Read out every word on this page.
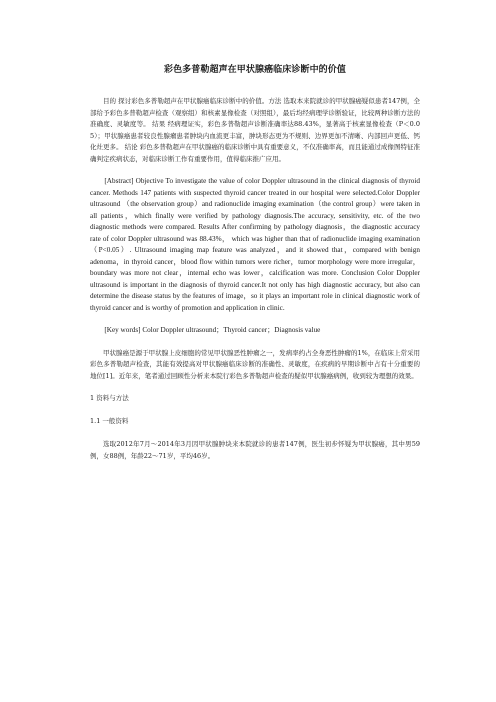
彩色多普勒超声在甲状腺癌临床诊断中的价值

目的 探讨彩色多普勒超声在甲状腺癌临床诊断中的价值。方法 选取本来院就诊的甲状腺癌疑似患者147例，全部给予彩色多普勒超声检查（观察组）和核素显像检查（对照组），最后均经病理学诊断验证，比较两种诊断方法的准确度、灵敏度等。 结果 经病理证实，彩色多普勒超声诊断准确率达88.43%，显著高于核素显像检查（P＜0.05）；甲状腺癌患者较良性腺瘤患者肿块内血流更丰富，肿块形态更为不规则、边界更加不清晰、内部回声更低、钙化灶更多。 结论 彩色多普勒超声在甲状腺癌的临床诊断中具有重要意义，不仅准确率高，而且能通过成像图特征准确判定疾病状态，对临床诊断工作有重要作用，值得临床推广应用。

[Abstract] Objective To investigate the value of color Doppler ultrasound in the clinical diagnosis of thyroid cancer. Methods 147 patients with suspected thyroid cancer treated in our hospital were selected.Color Doppler ultrasound （the observation group）and radionuclide imaging examination（the control group）were taken in all patients，which finally were verified by pathology diagnosis.The accuracy, sensitivity, etc. of the two diagnostic methods were compared. Results After confirming by pathology diagnosis，the diagnostic accuracy rate of color Doppler ultrasound was 88.43%， which was higher than that of radionuclide imaging examination （P<0.05）. Ultrasound imaging map feature was analyzed，and it showed that，compared with benign adenoma，in thyroid cancer，blood flow within tumors were richer，tumor morphology were more irregular，boundary was more not clear，internal echo was lower，calcification was more. Conclusion Color Doppler ultrasound is important in the diagnosis of thyroid cancer.It not only has high diagnostic accuracy, but also can determine the disease status by the features of image，so it plays an important role in clinical diagnostic work of thyroid cancer and is worthy of promotion and application in clinic.

[Key words] Color Doppler ultrasound；Thyroid cancer；Diagnosis value

甲状腺癌是源于甲状腺上皮细胞的常见甲状腺恶性肿瘤之一，发病率约占全身恶性肿瘤的1%，在临床上常采用彩色多普勒超声检查，其能有效提高对甲状腺癌临床诊断的准确性、灵敏度，在疾病的早期诊断中占有十分重要的地位[1]。近年来，笔者通过回顾性分析来本院行彩色多普勒超声检查的疑似甲状腺癌病例，收到较为理想的效果。

1 资料与方法

1.1 一般资料

选取2012年7月～2014年3月因甲状腺肿块来本院就诊的患者147例，医生初步怀疑为甲状腺癌，其中男59例，女88例，年龄22～71岁，平均46岁。
